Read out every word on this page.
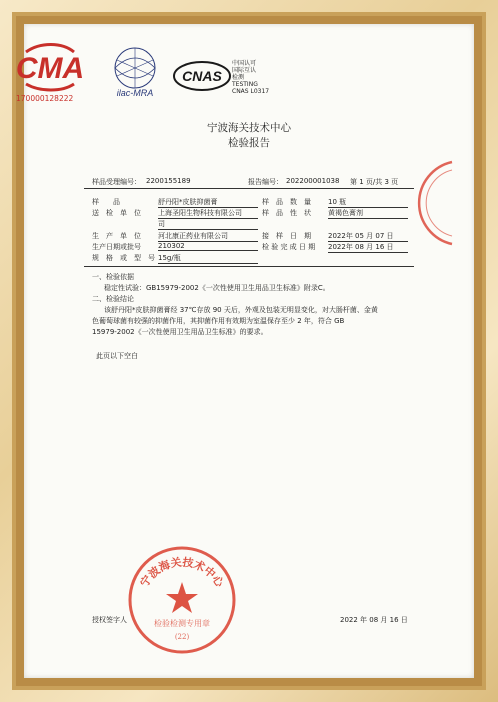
CMA
170000128222
ilac-MRA
CNAS
中国认可
国际互认
检测
TESTING
CNAS L0317
宁波海关技术中心
检验报告
样品受理编号： 2200155189	报告编号： 202200001038 第 1 页/共 3 页
样　　品	舒丹阳*皮肤抑菌膏	样　品　数　量 10 瓶
送　检　单　位 上海圣阳生物科技有限公司	样　品　性　状 黄褐色膏剂
司
生　产　单　位 河北康正药业有限公司	接　样　日　期 2022年 05 月 07 日
生产日期或批号 210302	检 验 完 成 日 期 2022年 08 月 16 日
规　格　或　型　号 15g/瓶
一、检验依据
稳定性试验：GB15979-2002《一次性使用卫生用品卫生标准》附录C。
二、检验结论
该舒丹阳*皮肤抑菌膏经 37℃存放 90 天后，外观及包装无明显变化，对大肠杆菌、金黄
色葡萄球菌有较强的抑菌作用，其抑菌作用有效期为室温保存至少 2 年，符合 GB
15979-2002《一次性使用卫生用品卫生标准》的要求。
此页以下空白
宁波海关技术中心
检验检测专用章
(22)
授权签字人	2022 年 08 月 16 日
